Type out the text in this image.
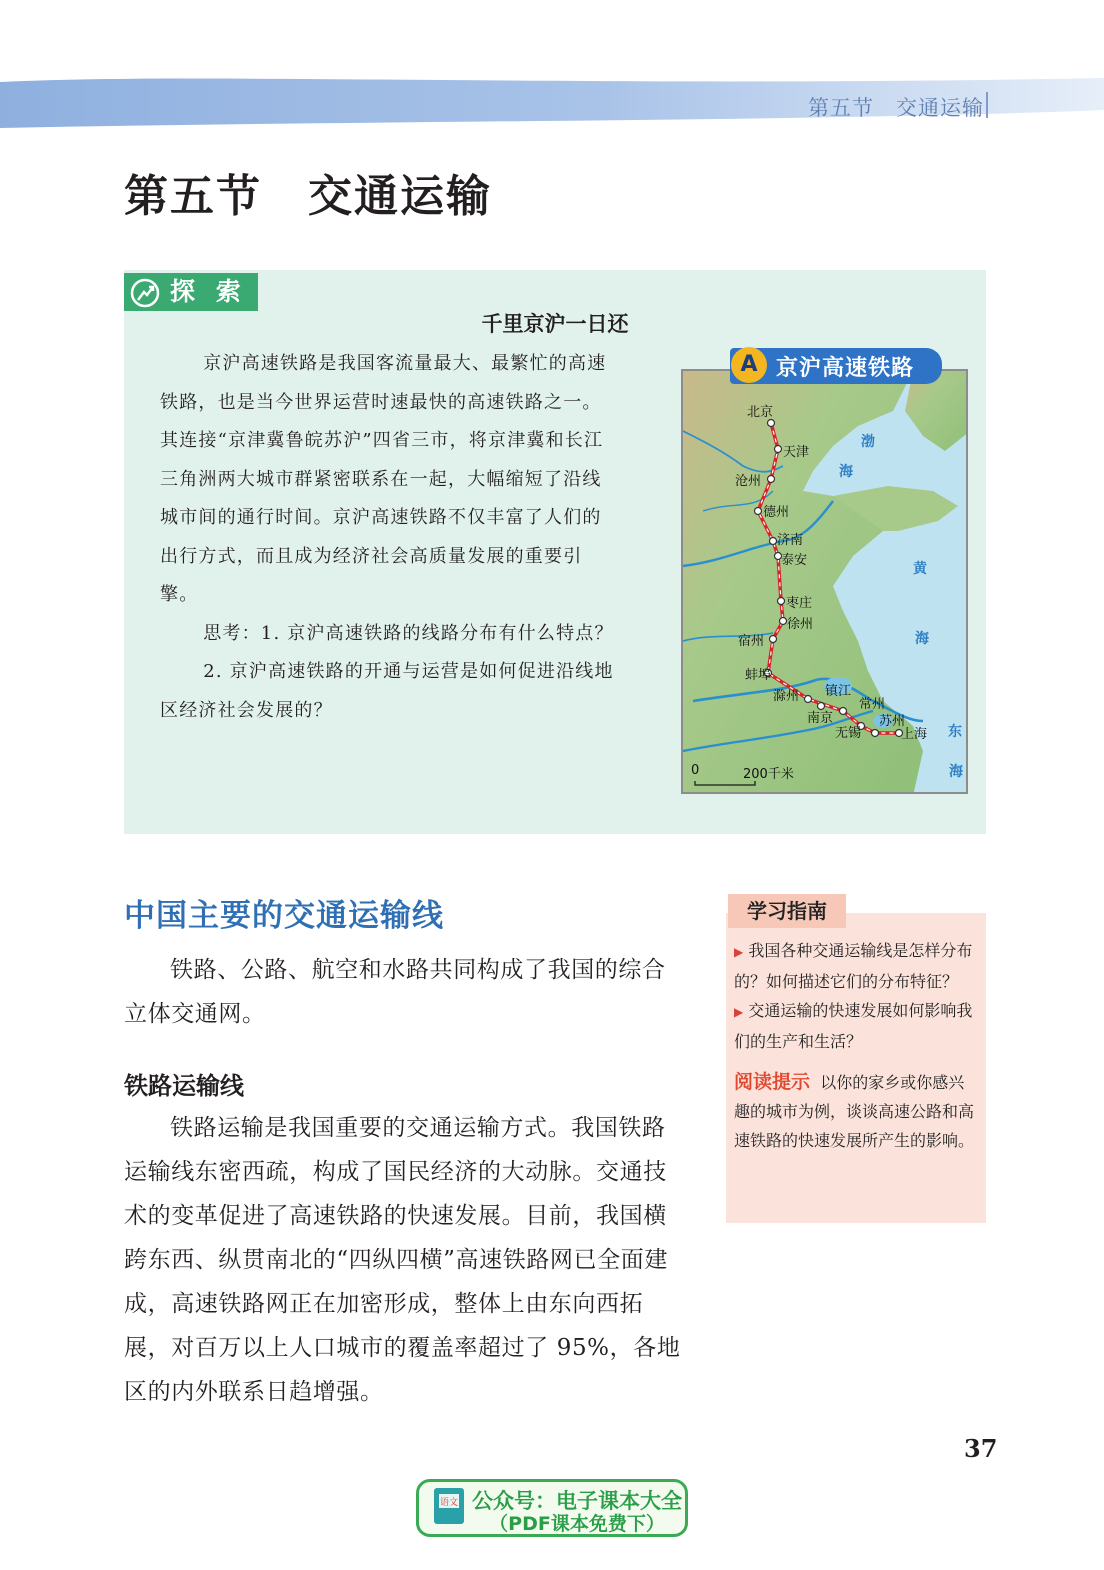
第五节　交通运输
第五节　交通运输
探 索
千里京沪一日还

京沪高速铁路是我国客流量最大、最繁忙的高速铁路，也是当今世界运营时速最快的高速铁路之一。其连接“京津冀鲁皖苏沪”四省三市，将京津冀和长江三角洲两大城市群紧密联系在一起，大幅缩短了沿线城市间的通行时间。京沪高速铁路不仅丰富了人们的出行方式，而且成为经济社会高质量发展的重要引擎。

思考：1. 京沪高速铁路的线路分布有什么特点？

2. 京沪高速铁路的开通与运营是如何促进沿线地区经济社会发展的？

北京
天津
沧州
德州
济南
泰安
枣庄
徐州
宿州
蚌埠
滁州
南京
镇江
常州
无锡
苏州
上海
渤
海
黄
海
东
海
0	200千米
A 京沪高速铁路
中国主要的交通运输线

铁路、公路、航空和水路共同构成了我国的综合立体交通网。

铁路运输线

铁路运输是我国重要的交通运输方式。我国铁路运输线东密西疏，构成了国民经济的大动脉。交通技术的变革促进了高速铁路的快速发展。目前，我国横跨东西、纵贯南北的“四纵四横”高速铁路网已全面建成，高速铁路网正在加密形成，整体上由东向西拓展，对百万以上人口城市的覆盖率超过了 95%，各地区的内外联系日趋增强。

学习指南

▶ 我国各种交通运输线是怎样分布的？如何描述它们的分布特征？

▶ 交通运输的快速发展如何影响我们的生产和生活？

阅读提示 以你的家乡或你感兴趣的城市为例，谈谈高速公路和高速铁路的快速发展所产生的影响。

37
语文 公众号：电子课本大全
（PDF课本免费下）
